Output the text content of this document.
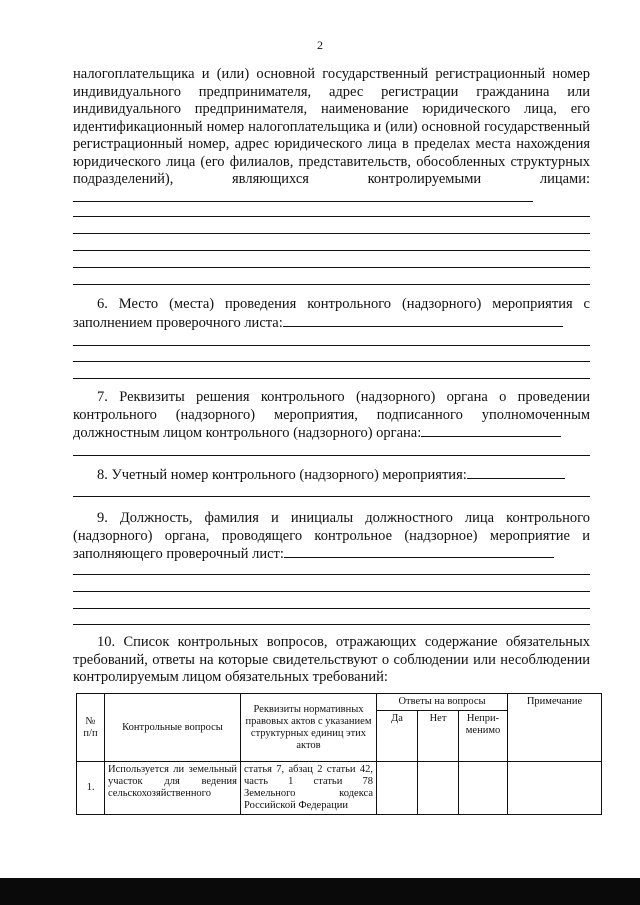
2
налогоплательщика и (или) основной государственный регистрационный номер индивидуального предпринимателя, адрес регистрации гражданина или индивидуального предпринимателя, наименование юридического лица, его идентификационный номер налогоплательщика и (или) основной государственный регистрационный номер, адрес юридического лица в пределах места нахождения юридического лица (его филиалов, представительств, обособленных структурных подразделений), являющихся контролируемыми лицами:
6. Место (места) проведения контрольного (надзорного) мероприятия с заполнением проверочного листа:
7. Реквизиты решения контрольного (надзорного) органа о проведении контрольного (надзорного) мероприятия, подписанного уполномоченным должностным лицом контрольного (надзорного) органа:
8. Учетный номер контрольного (надзорного) мероприятия:
9. Должность, фамилия и инициалы должностного лица контрольного (надзорного) органа, проводящего контрольное (надзорное) мероприятие и заполняющего проверочный лист:
10. Список контрольных вопросов, отражающих содержание обязательных требований, ответы на которые свидетельствуют о соблюдении или несоблюдении контролируемым лицом обязательных требований:
№ п/п	Контрольные вопросы	Реквизиты нормативных правовых актов с указанием структурных единиц этих актов	Ответы на вопросы			Примечание
			Да	Нет	Непри-менимо	
1.	Используется ли земельный участок для ведения сельскохозяйственного	статья 7, абзац 2 статьи 42, часть 1 статьи 78 Земельного кодекса Российской Федерации				
